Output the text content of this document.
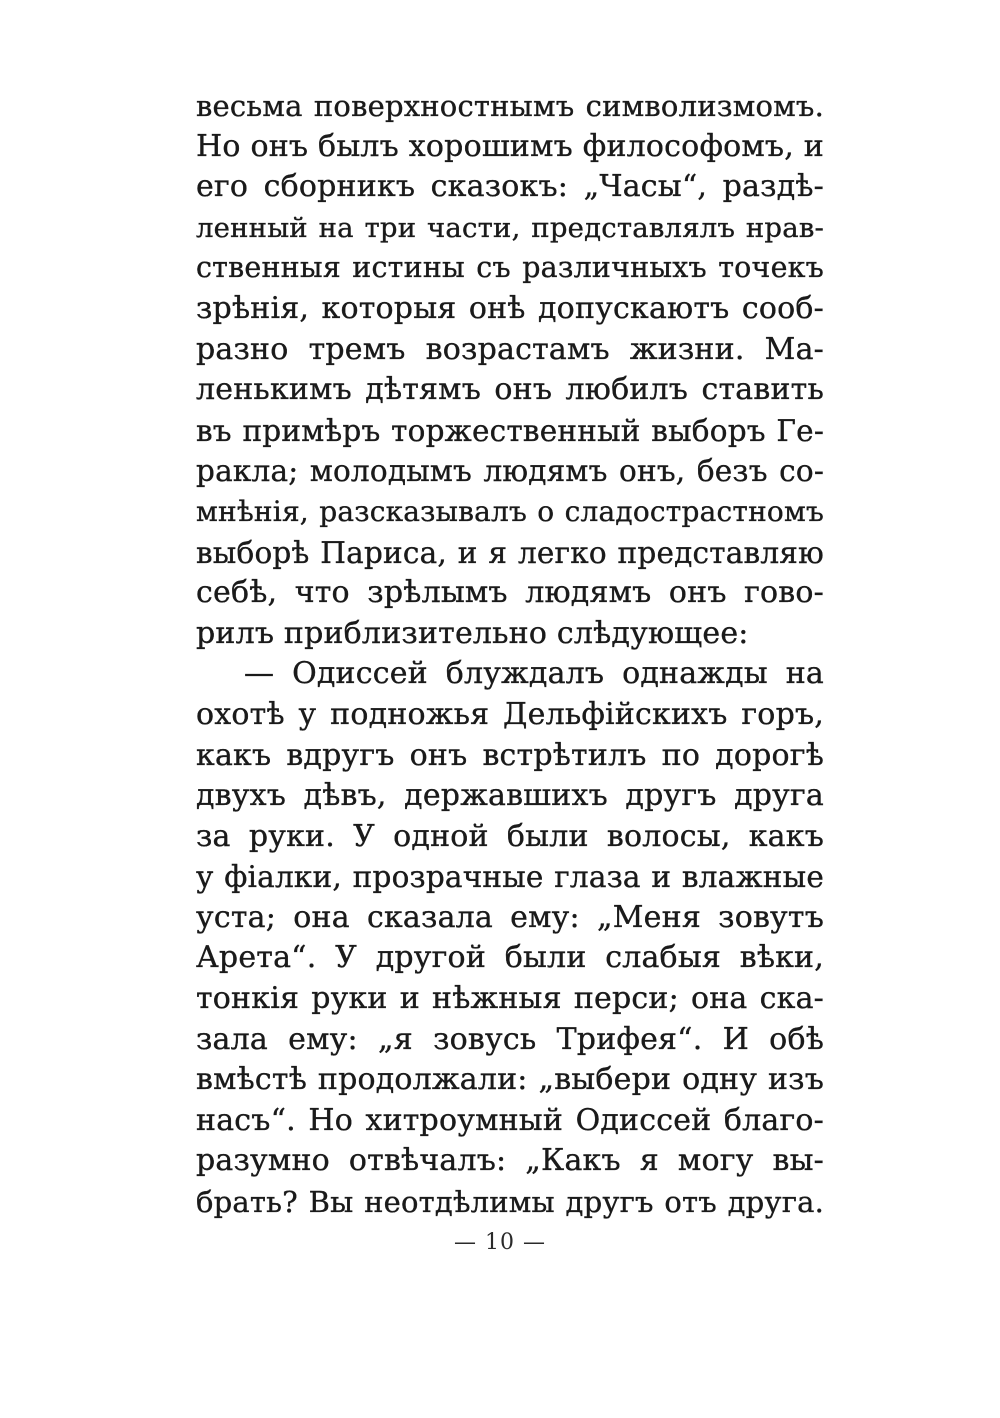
весьма поверхностнымъ символизмомъ.
Но онъ былъ хорошимъ философомъ, и
его сборникъ сказокъ: „Часы“, раздѣ-
ленный на три части, представлялъ нрав-
ственныя истины съ различныхъ точекъ
зрѣнія, которыя онѣ допускаютъ сооб-
разно тремъ возрастамъ жизни. Ма-
ленькимъ дѣтямъ онъ любилъ ставить
въ примѣръ торжественный выборъ Ге-
ракла; молодымъ людямъ онъ, безъ со-
мнѣнія, разсказывалъ о сладострастномъ
выборѣ Париса, и я легко представляю
себѣ, что зрѣлымъ людямъ онъ гово-
рилъ приблизительно слѣдующее:
— Одиссей блуждалъ однажды на
охотѣ у подножья Дельфійскихъ горъ,
какъ вдругъ онъ встрѣтилъ по дорогѣ
двухъ дѣвъ, державшихъ другъ друга
за руки. У одной были волосы, какъ
у фіалки, прозрачные глаза и влажные
уста; она сказала ему: „Меня зовутъ
Арета“. У другой были слабыя вѣки,
тонкія руки и нѣжныя перси; она ска-
зала ему: „я зовусь Трифея“. И обѣ
вмѣстѣ продолжали: „выбери одну изъ
насъ“. Но хитроумный Одиссей благо-
разумно отвѣчалъ: „Какъ я могу вы-
брать? Вы неотдѣлимы другъ отъ друга.
— 10 —
